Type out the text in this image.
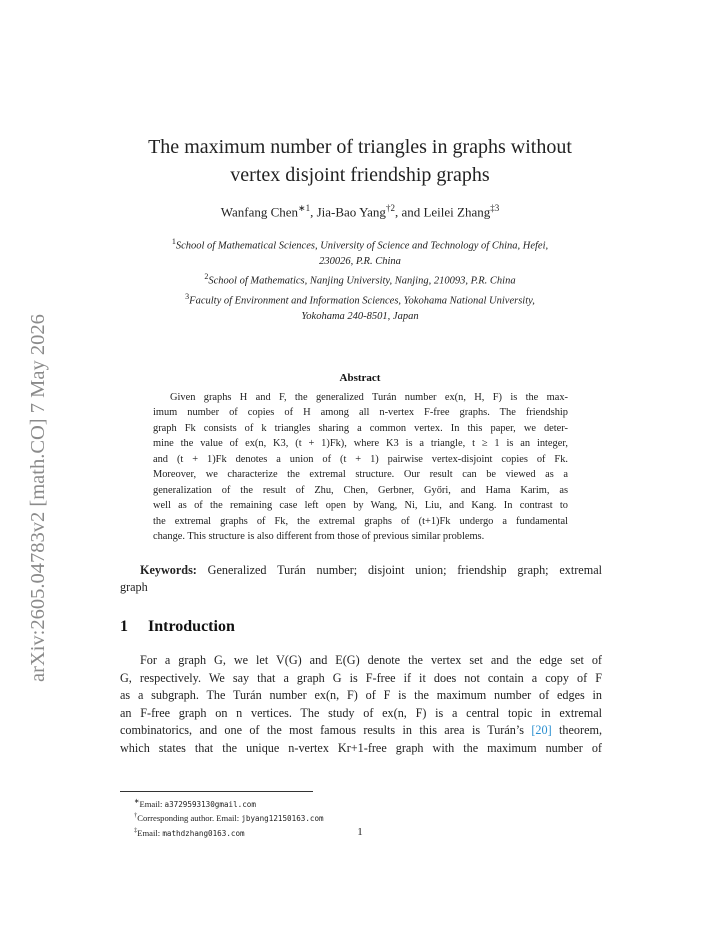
arXiv:2605.04783v2 [math.CO] 7 May 2026
The maximum number of triangles in graphs without
vertex disjoint friendship graphs
Wanfang Chen$^{∗1}$, Jia-Bao Yang$^{\dagger 2}$, and Leilei Zhang$^{\ddagger 3}$
$^1$School of Mathematical Sciences, University of Science and Technology of China, Hefei,
230026, P.R. China
$^2$School of Mathematics, Nanjing University, Nanjing, 210093, P.R. China
$^3$Faculty of Environment and Information Sciences, Yokohama National University,
Yokohama 240-8501, Japan
Abstract
Given graphs H and F, the generalized Turán number ex(n, H, F) is the max-
imum number of copies of H among all n-vertex F-free graphs. The friendship
graph Fk consists of k triangles sharing a common vertex. In this paper, we deter-
mine the value of ex(n, K3, (t + 1)Fk), where K3 is a triangle, t ≥ 1 is an integer,
and (t + 1)Fk denotes a union of (t + 1) pairwise vertex-disjoint copies of Fk.
Moreover, we characterize the extremal structure. Our result can be viewed as a
generalization of the result of Zhu, Chen, Gerbner, Győri, and Hama Karim, as
well as of the remaining case left open by Wang, Ni, Liu, and Kang. In contrast to
the extremal graphs of Fk, the extremal graphs of (t+1)Fk undergo a fundamental
change. This structure is also different from those of previous similar problems.
Keywords: Generalized Turán number; disjoint union; friendship graph; extremal
graph
1 Introduction
For a graph G, we let V(G) and E(G) denote the vertex set and the edge set of
G, respectively. We say that a graph G is F-free if it does not contain a copy of F
as a subgraph. The Turán number ex(n, F) of F is the maximum number of edges in
an F-free graph on n vertices. The study of ex(n, F) is a central topic in extremal
combinatorics, and one of the most famous results in this area is Turán’s [20] theorem,
which states that the unique n-vertex Kr+1-free graph with the maximum number of
∗Email: a3729593130gmail.com
†Corresponding author. Email: jbyang12150163.com
‡Email: mathdzhang0163.com	1
